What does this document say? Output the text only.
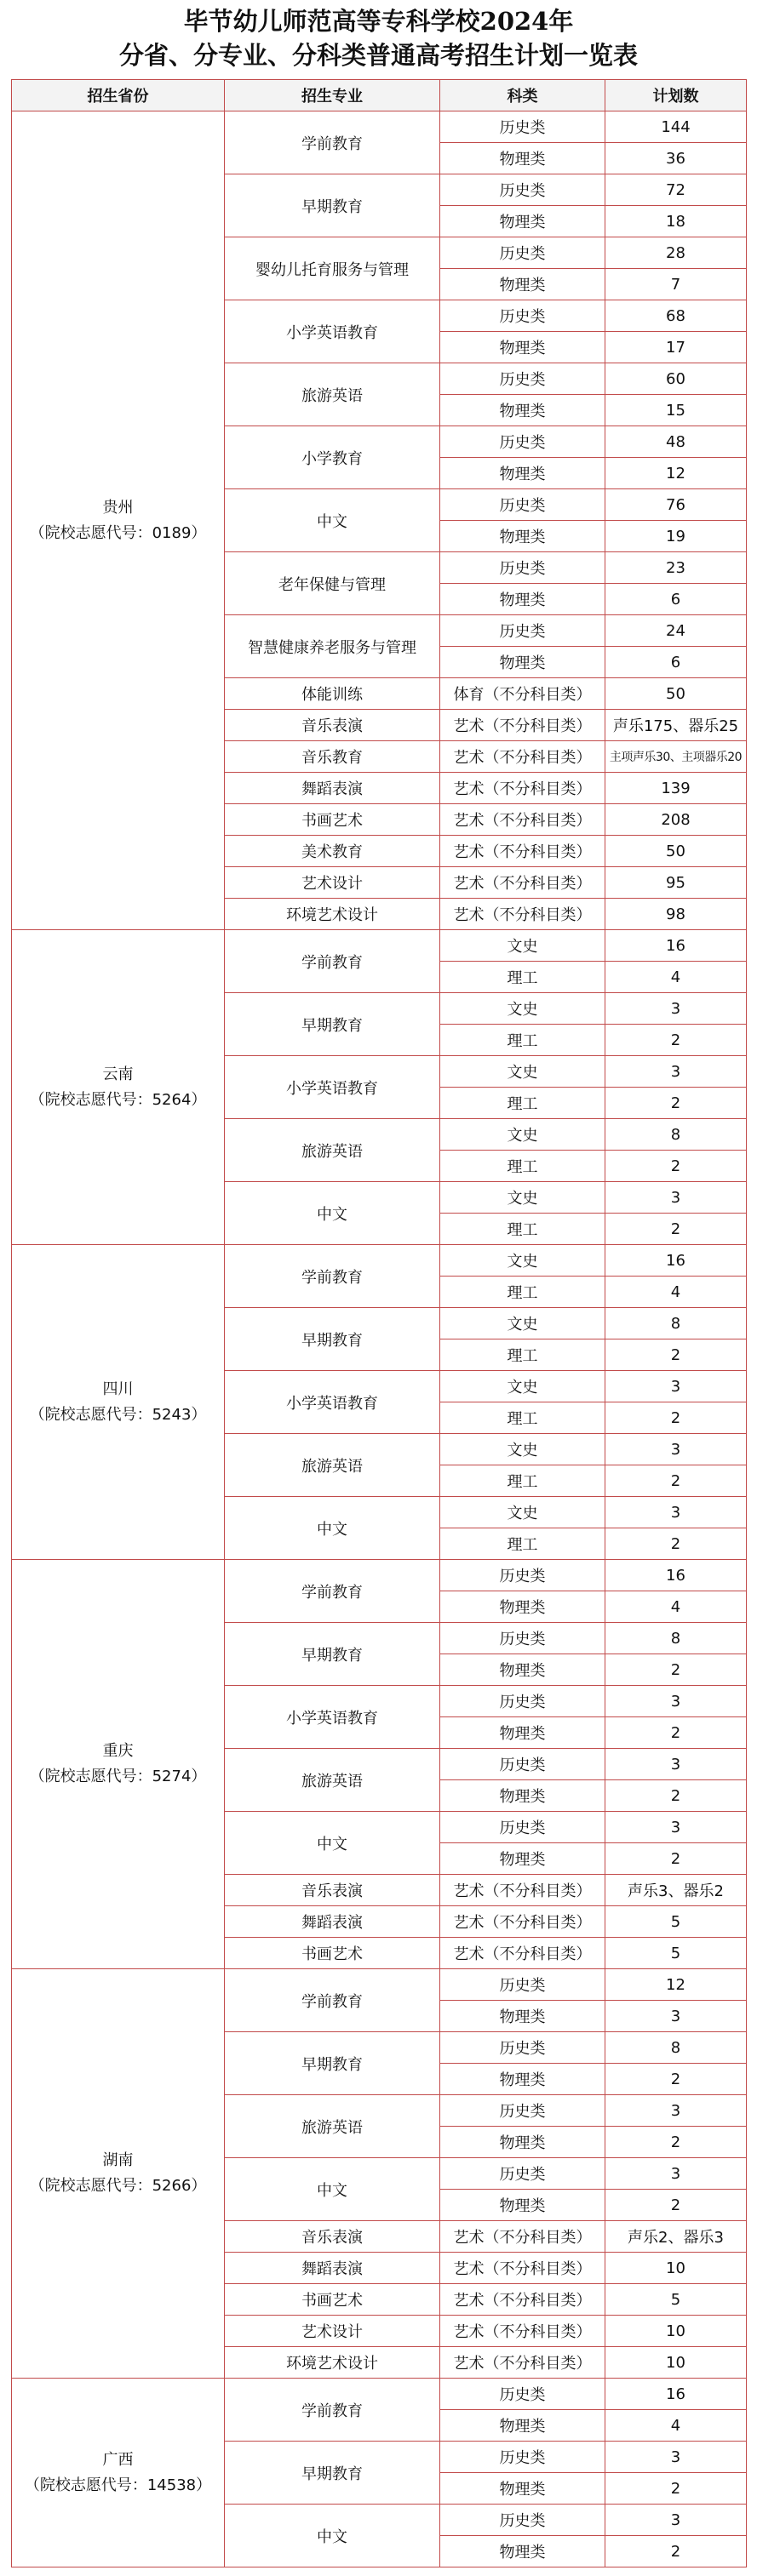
毕节幼儿师范高等专科学校2024年
分省、分专业、分科类普通高考招生计划一览表
招生省份	招生专业	科类	计划数

贵州
（院校志愿代号：0189）	学前教育	历史类	144
		物理类	36
	早期教育	历史类	72
		物理类	18
	婴幼儿托育服务与管理	历史类	28
		物理类	7
	小学英语教育	历史类	68
		物理类	17
	旅游英语	历史类	60
		物理类	15
	小学教育	历史类	48
		物理类	12
	中文	历史类	76
		物理类	19
	老年保健与管理	历史类	23
		物理类	6
	智慧健康养老服务与管理	历史类	24
		物理类	6
	体能训练	体育（不分科目类）	50
	音乐表演	艺术（不分科目类）	声乐175、器乐25
	音乐教育	艺术（不分科目类）	主项声乐30、主项器乐20
	舞蹈表演	艺术（不分科目类）	139
	书画艺术	艺术（不分科目类）	208
	美术教育	艺术（不分科目类）	50
	艺术设计	艺术（不分科目类）	95
	环境艺术设计	艺术（不分科目类）	98

云南
（院校志愿代号：5264）	学前教育	文史	16
		理工	4
	早期教育	文史	3
		理工	2
	小学英语教育	文史	3
		理工	2
	旅游英语	文史	8
		理工	2
	中文	文史	3
		理工	2

四川
（院校志愿代号：5243）	学前教育	文史	16
		理工	4
	早期教育	文史	8
		理工	2
	小学英语教育	文史	3
		理工	2
	旅游英语	文史	3
		理工	2
	中文	文史	3
		理工	2

重庆
（院校志愿代号：5274）	学前教育	历史类	16
		物理类	4
	早期教育	历史类	8
		物理类	2
	小学英语教育	历史类	3
		物理类	2
	旅游英语	历史类	3
		物理类	2
	中文	历史类	3
		物理类	2
	音乐表演	艺术（不分科目类）	声乐3、器乐2
	舞蹈表演	艺术（不分科目类）	5
	书画艺术	艺术（不分科目类）	5

湖南
（院校志愿代号：5266）	学前教育	历史类	12
		物理类	3
	早期教育	历史类	8
		物理类	2
	旅游英语	历史类	3
		物理类	2
	中文	历史类	3
		物理类	2
	音乐表演	艺术（不分科目类）	声乐2、器乐3
	舞蹈表演	艺术（不分科目类）	10
	书画艺术	艺术（不分科目类）	5
	艺术设计	艺术（不分科目类）	10
	环境艺术设计	艺术（不分科目类）	10

广西
（院校志愿代号：14538）	学前教育	历史类	16
		物理类	4
	早期教育	历史类	3
		物理类	2
	中文	历史类	3
		物理类	2
